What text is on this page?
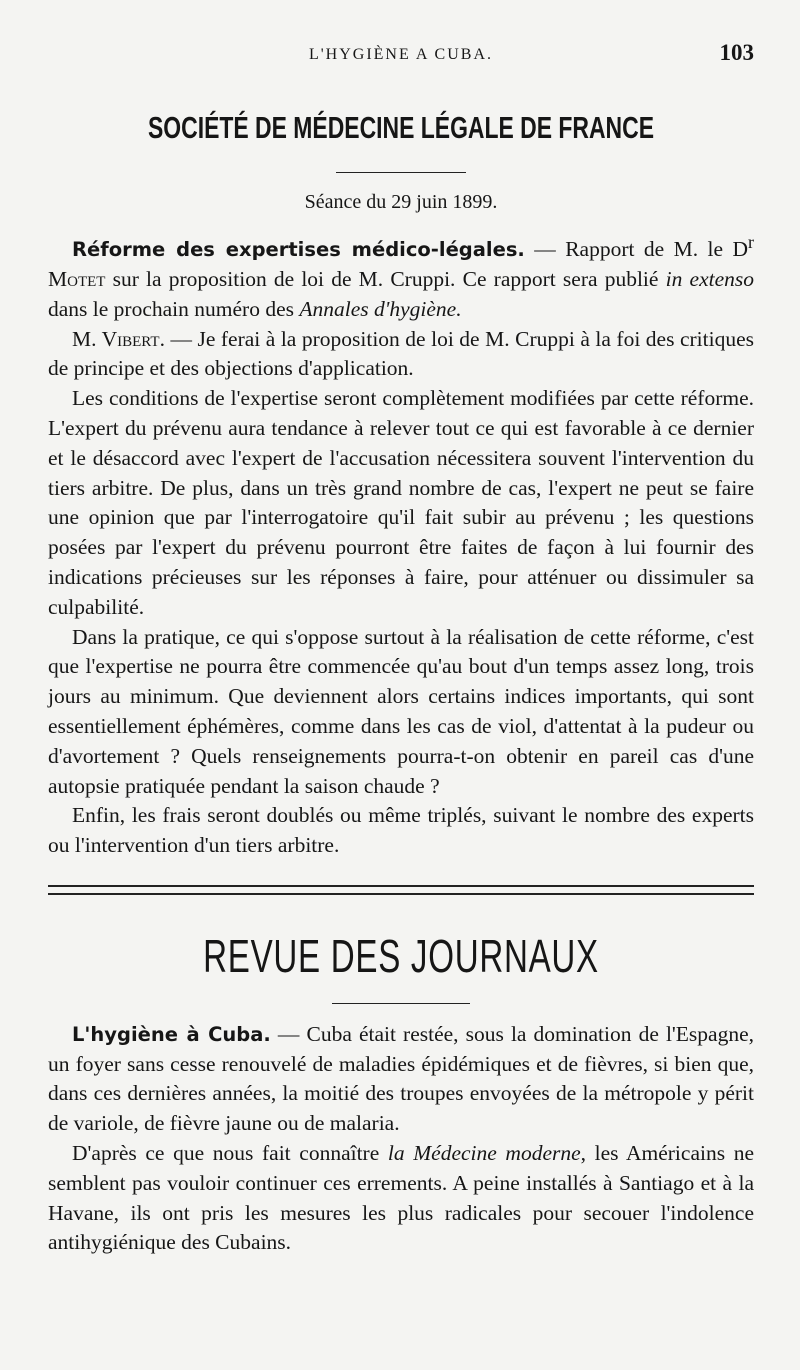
L'HYGIÈNE A CUBA.	103
SOCIÉTÉ DE MÉDECINE LÉGALE DE FRANCE
Séance du 29 juin 1899.

Réforme des expertises médico-légales. — Rapport de M. le $D^r$ Motet sur la proposition de loi de M. Cruppi. Ce rapport sera publié in extenso dans le prochain numéro des Annales d'hygiène.

M. Vibert. — Je ferai à la proposition de loi de M. Cruppi à la foi des critiques de principe et des objections d'application.

Les conditions de l'expertise seront complètement modifiées par cette réforme. L'expert du prévenu aura tendance à relever tout ce qui est favorable à ce dernier et le désaccord avec l'expert de l'accusation nécessitera souvent l'intervention du tiers arbitre. De plus, dans un très grand nombre de cas, l'expert ne peut se faire une opinion que par l'interrogatoire qu'il fait subir au prévenu ; les questions posées par l'expert du prévenu pourront être faites de façon à lui fournir des indications précieuses sur les réponses à faire, pour atténuer ou dissimuler sa culpabilité.

Dans la pratique, ce qui s'oppose surtout à la réalisation de cette réforme, c'est que l'expertise ne pourra être commencée qu'au bout d'un temps assez long, trois jours au minimum. Que deviennent alors certains indices importants, qui sont essentiellement éphémères, comme dans les cas de viol, d'attentat à la pudeur ou d'avortement ? Quels renseignements pourra-t-on obtenir en pareil cas d'une autopsie pratiquée pendant la saison chaude ?

Enfin, les frais seront doublés ou même triplés, suivant le nombre des experts ou l'intervention d'un tiers arbitre.

REVUE DES JOURNAUX

L'hygiène à Cuba. — Cuba était restée, sous la domination de l'Espagne, un foyer sans cesse renouvelé de maladies épidémiques et de fièvres, si bien que, dans ces dernières années, la moitié des troupes envoyées de la métropole y périt de variole, de fièvre jaune ou de malaria.

D'après ce que nous fait connaître la Médecine moderne, les Américains ne semblent pas vouloir continuer ces errements. A peine installés à Santiago et à la Havane, ils ont pris les mesures les plus radicales pour secouer l'indolence antihygiénique des Cubains.
